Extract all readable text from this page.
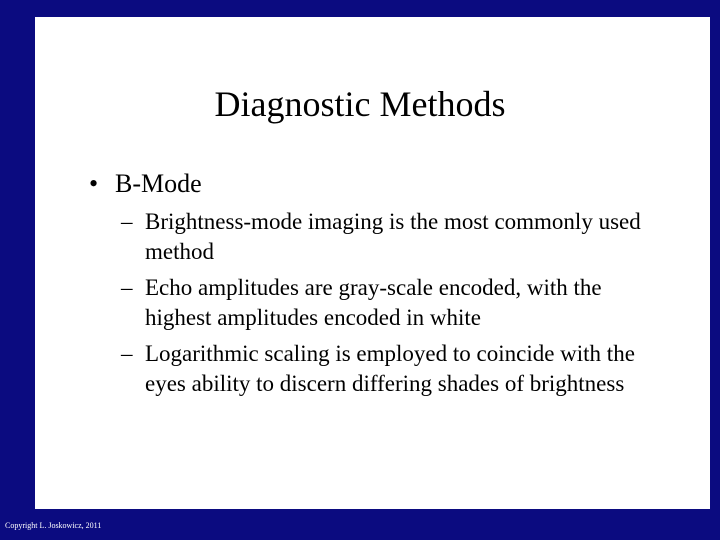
Diagnostic Methods
• B-Mode
– Brightness-mode imaging is the most commonly used method
– Echo amplitudes are gray-scale encoded, with the highest amplitudes encoded in white
– Logarithmic scaling is employed to coincide with the eyes ability to discern differing shades of brightness
Copyright L. Joskowicz, 2011
